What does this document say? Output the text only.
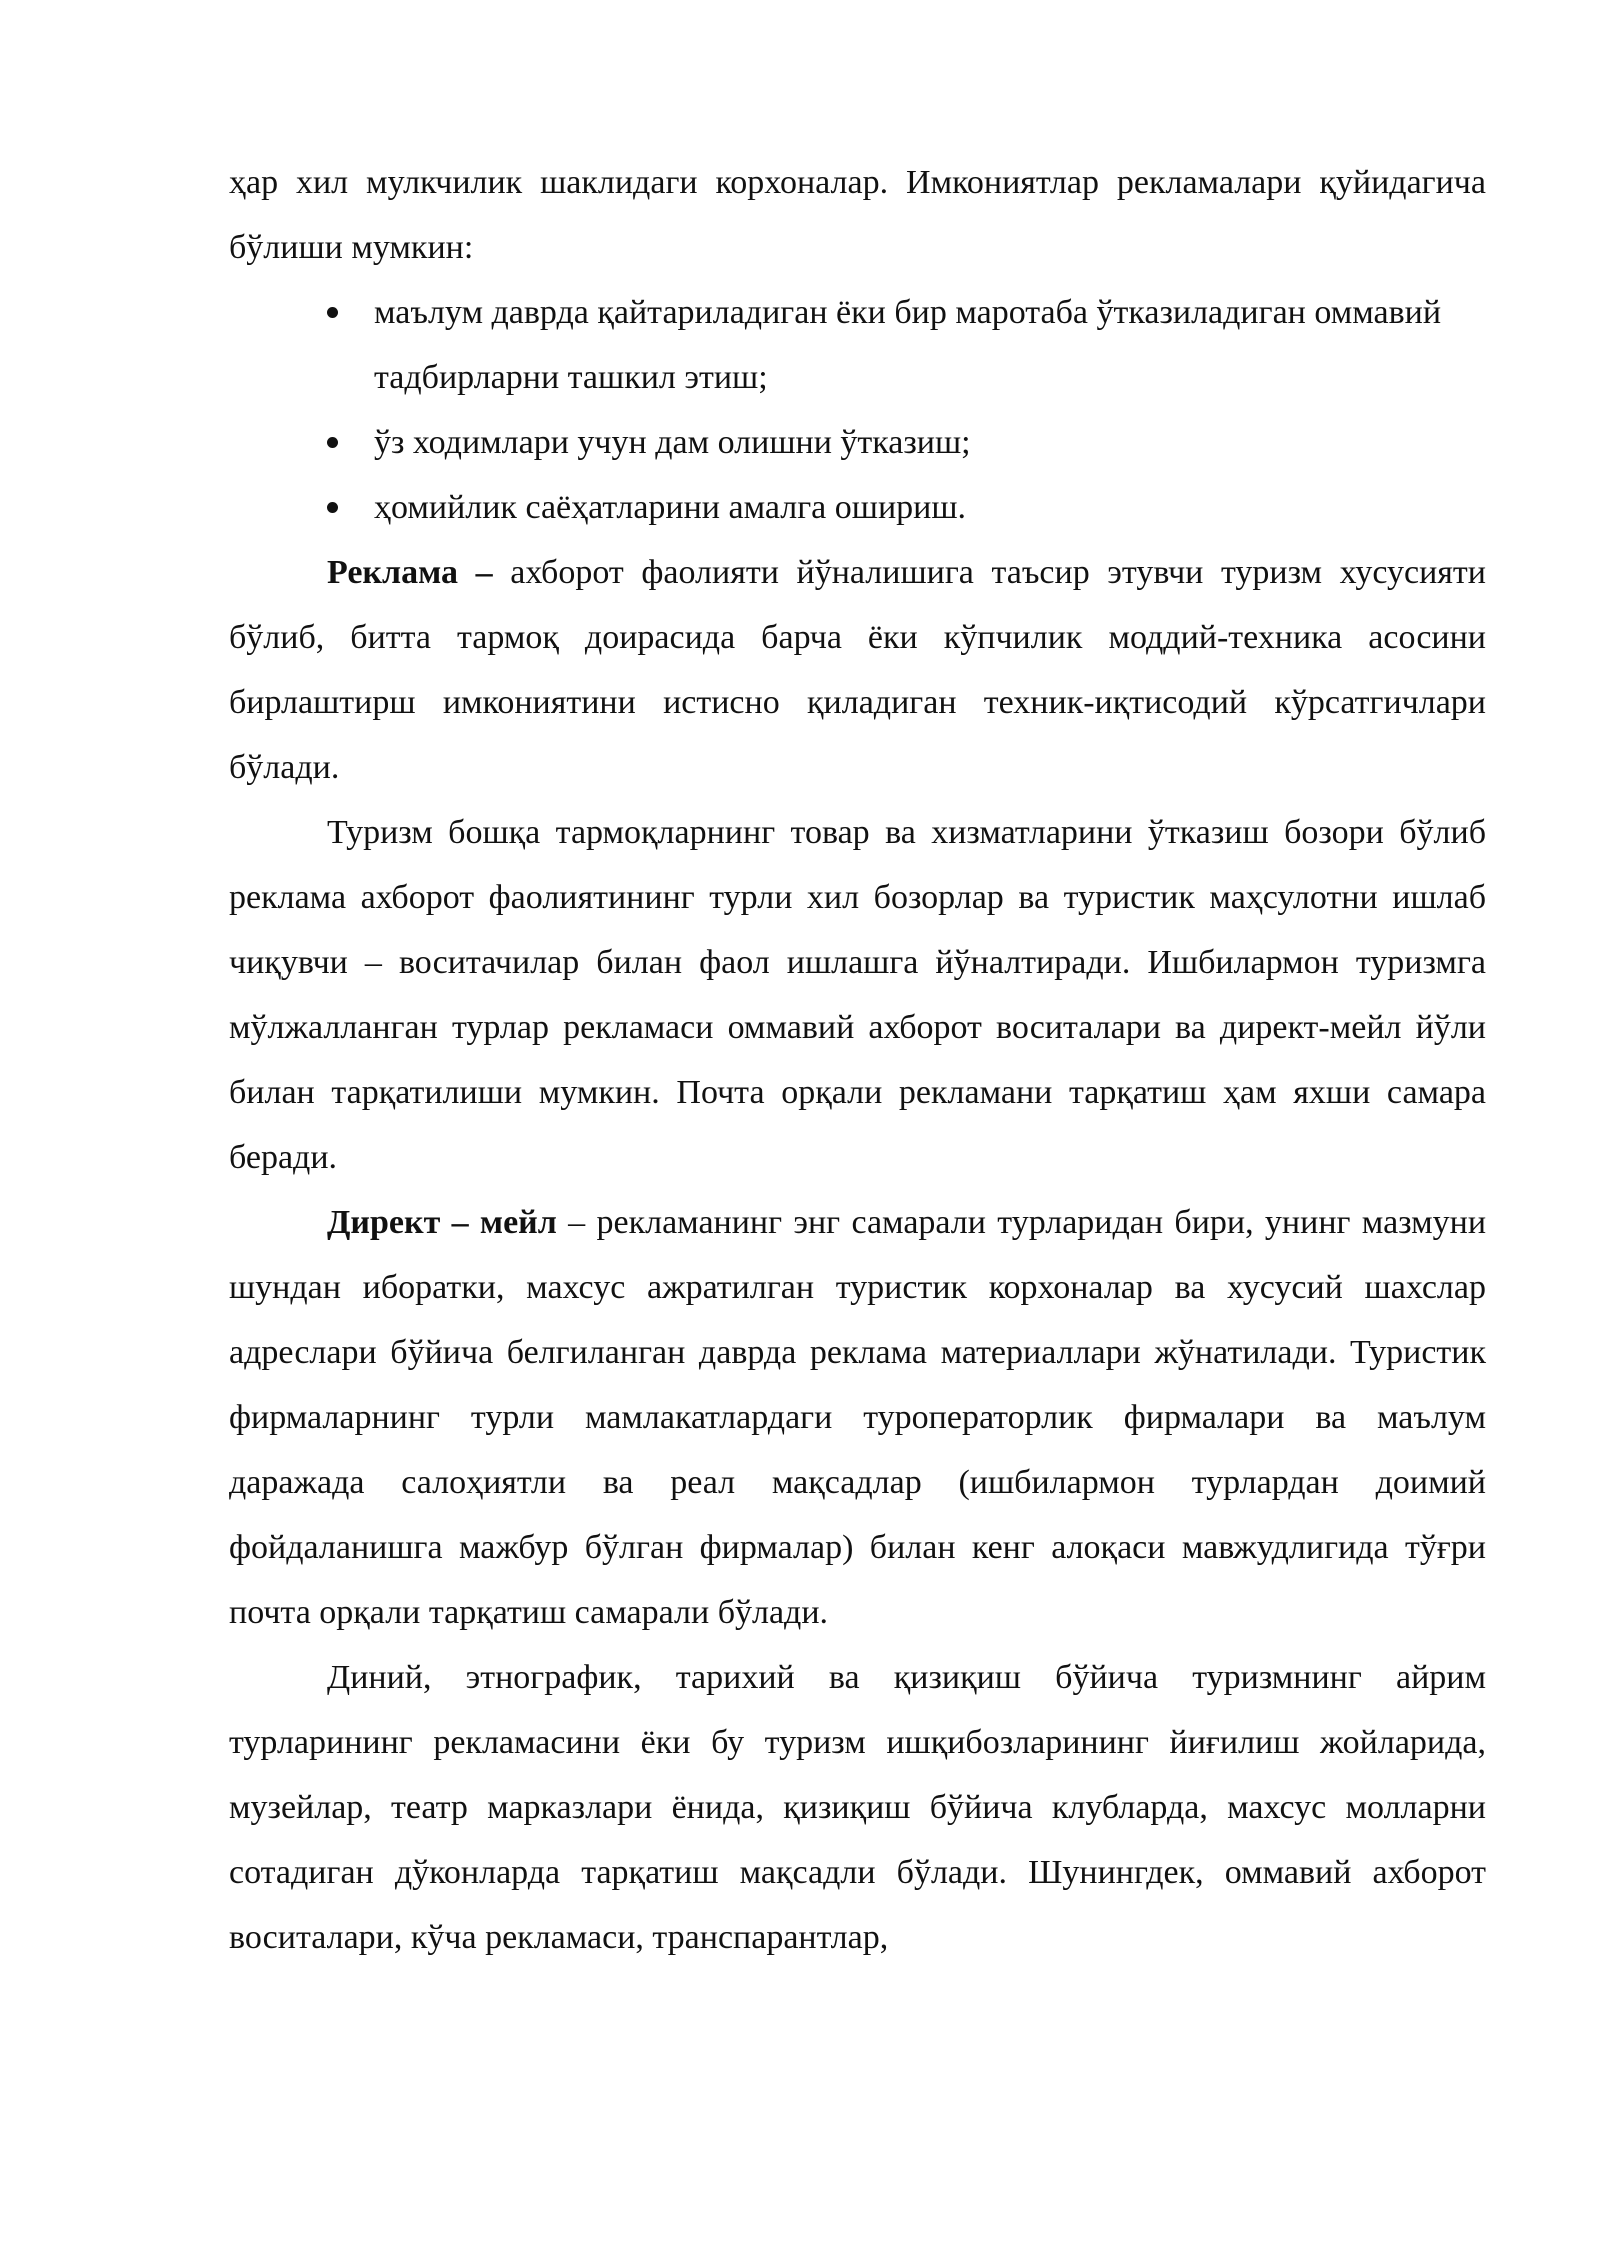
ҳар хил мулкчилик шаклидаги корхоналар. Имкониятлар рекламалари қуйидагича бўлиши мумкин:

маълум даврда қайтариладиган ёки бир маротаба ўтказиладиган оммавий тадбирларни ташкил этиш;
ўз ходимлари учун дам олишни ўтказиш;
ҳомийлик саёҳатларини амалга ошириш.

Реклама – ахборот фаолияти йўналишига таъсир этувчи туризм хусусияти бўлиб, битта тармоқ доирасида барча ёки кўпчилик моддий-техника асосини бирлаштирш имкониятини истисно қиладиган техник-иқтисодий кўрсатгичлари бўлади.

Туризм бошқа тармоқларнинг товар ва хизматларини ўтказиш бозори бўлиб реклама ахборот фаолиятининг турли хил бозорлар ва туристик маҳсулотни ишлаб чиқувчи – воситачилар билан фаол ишлашга йўналтиради. Ишбилармон туризмга мўлжалланган турлар рекламаси оммавий ахборот воситалари ва директ-мейл йўли билан тарқатилиши мумкин. Почта орқали рекламани тарқатиш ҳам яхши самара беради.

Директ – мейл – рекламанинг энг самарали турларидан бири, унинг мазмуни шундан иборатки, махсус ажратилган туристик корхоналар ва хусусий шахслар адреслари бўйича белгиланган даврда реклама материаллари жўнатилади. Туристик фирмаларнинг турли мамлакатлардаги туроператорлик фирмалари ва маълум даражада салоҳиятли ва реал мақсадлар (ишбилармон турлардан доимий фойдаланишга мажбур бўлган фирмалар) билан кенг алоқаси мавжудлигида тўғри почта орқали тарқатиш самарали бўлади.

Диний, этнографик, тарихий ва қизиқиш бўйича туризмнинг айрим турларининг рекламасини ёки бу туризм ишқибозларининг йиғилиш жойларида, музейлар, театр марказлари ёнида, қизиқиш бўйича клубларда, махсус молларни сотадиган дўконларда тарқатиш мақсадли бўлади. Шунингдек, оммавий ахборот воситалари, кўча рекламаси, транспарантлар,
